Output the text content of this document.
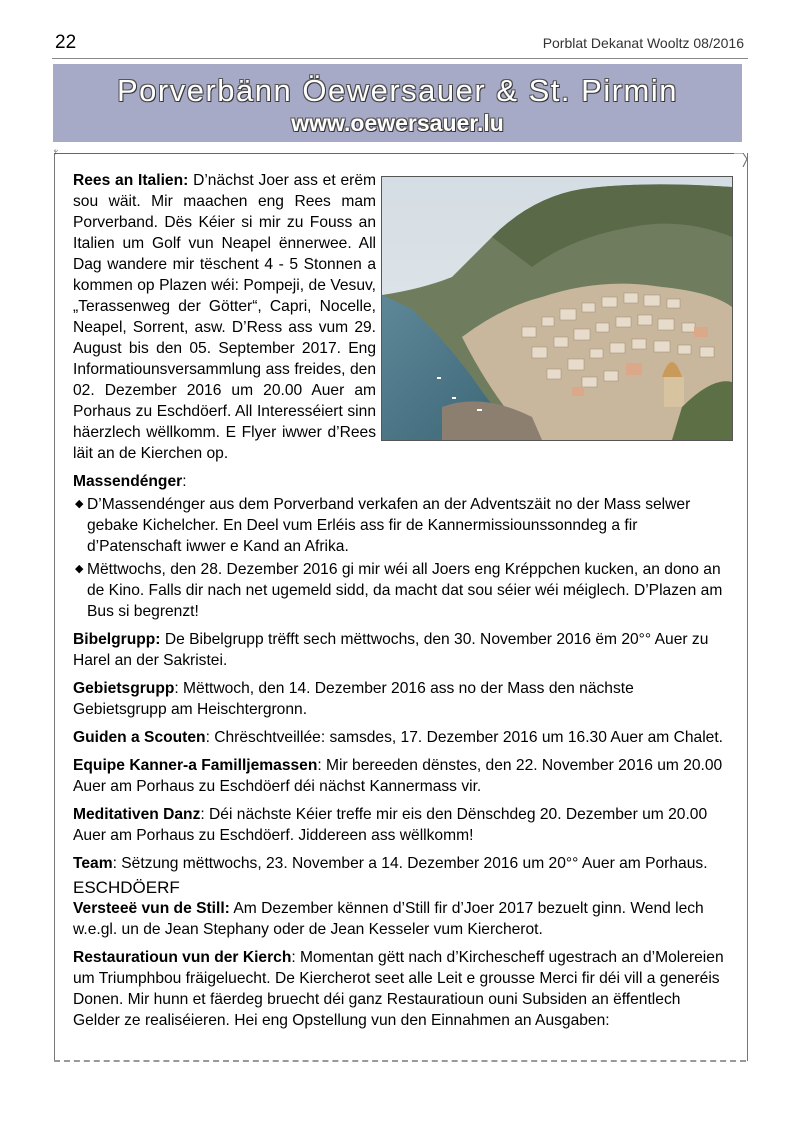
22	Porblat Dekanat Wooltz 08/2016
Porverbänn Öewersauer & St. Pirmin
www.oewersauer.lu
♆
Rees an Italien: D’nächst Joer ass et erëm sou wäit. Mir maachen eng Rees mam Porverband. Dës Kéier si mir zu Fouss an Italien um Golf vun Neapel ënnerwee. All Dag wandere mir tëschent 4 - 5 Stonnen a kommen op Plazen wéi: Pompeji, de Vesuv, „Terassenweg der Götter“, Capri, Nocelle, Neapel, Sorrent, asw. D’Ress ass vum 29. August bis den 05. September 2017. Eng Informatiounsversammlung ass freides, den 02. Dezember 2016 um 20.00 Auer am Porhaus zu Eschdöerf. All Interesséiert sinn häerzlech wëllkomm. E Flyer iwwer d’Rees läit an de Kierchen op.
Massendénger:
◆ D’Massendénger aus dem Porverband verkafen an der Adventszäit no der Mass selwer gebake Kichelcher. En Deel vum Erléis ass fir de Kannermissiounssonndeg a fir d’Patenschaft iwwer e Kand an Afrika.
◆ Mëttwochs, den 28. Dezember 2016 gi mir wéi all Joers eng Kréppchen kucken, an dono an de Kino. Falls dir nach net ugemeld sidd, da macht dat sou séier wéi méiglech. D’Plazen am Bus si begrenzt!
Bibelgrupp: De Bibelgrupp trëfft sech mëttwochs, den 30. November 2016 ëm 20°° Auer zu Harel an der Sakristei.
Gebietsgrupp: Mëttwoch, den 14. Dezember 2016 ass no der Mass den nächste Gebietsgrupp am Heischtergronn.
Guiden a Scouten: Chrëschtveillée: samsdes, 17. Dezember 2016 um 16.30 Auer am Chalet.
Equipe Kanner-a Familljemassen: Mir bereeden dënstes, den 22. November 2016 um 20.00 Auer am Porhaus zu Eschdöerf déi nächst Kannermass vir.
Meditativen Danz: Déi nächste Kéier treffe mir eis den Dënschdeg 20. Dezember um 20.00 Auer am Porhaus zu Eschdöerf. Jiddereen ass wëllkomm!
Team: Sëtzung mëttwochs, 23. November a 14. Dezember 2016 um 20°° Auer am Porhaus.
ESCHDÖERF
Versteeë vun de Still: Am Dezember kënnen d’Still fir d’Joer 2017 bezuelt ginn. Wend lech w.e.gl. un de Jean Stephany oder de Jean Kesseler vum Kiercherot.
Restauratioun vun der Kierch: Momentan gëtt nach d’Kirchescheff ugestrach an d’Molereien um Triumphbou fräigeluecht. De Kiercherot seet alle Leit e grousse Merci fir déi vill a generéis Donen. Mir hunn et fäerdeg bruecht déi ganz Restauratioun ouni Subsiden an ëffentlech Gelder ze realiséieren. Hei eng Opstellung vun den Einnahmen an Ausgaben:
